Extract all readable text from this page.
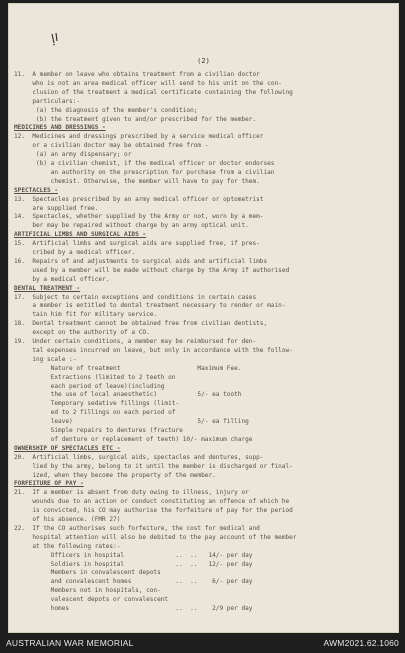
(2)
11.  A member on leave who obtains treatment from a civilian doctor
who is not an area medical officer will send to his unit on the con-
clusion of the treatment a medical certificate containing the following
particulars:-
(a) the diagnosis of the member's condition;
(b) the treatment given to and/or prescribed for the member.
MEDICINES AND DRESSINGS -
12.  Medicines and dressings prescribed by a service medical officer
or a civilian doctor may be obtained free from -
(a) an army dispensary; or
(b) a civilian chemist, if the medical officer or doctor endorses
an authority on the prescription for purchase from a civilian
chemist. Otherwise, the member will have to pay for them.
SPECTACLES -
13.  Spectacles prescribed by an army medical officer or optometrist
are supplied free.
14.  Spectacles, whether supplied by the Army or not, worn by a mem-
ber may be repaired without charge by an army optical unit.
ARTIFICIAL LIMBS AND SURGICAL AIDS -
15.  Artificial limbs and surgical aids are supplied free, if pres-
cribed by a medical officer.
16.  Repairs of and adjustments to surgical aids and artificial limbs
used by a member will be made without charge by the Army if authorised
by a medical officer.
DENTAL TREATMENT -
17.  Subject to certain exceptions and conditions in certain cases
a member is entitled to dental treatment necessary to render or main-
tain him fit for military service.
18.  Dental treatment cannot be obtained free from civilian dentists,
except on the authority of a CO.
19.  Under certain conditions, a member may be reimbursed for den-
tal expenses incurred on leave, but only in accordance with the follow-
ing scale :-
Nature of treatment                     Maximum Fee.
Extractions (limited to 2 teeth on
each period of leave)(including
the use of local anaesthetic)           5/- ea tooth
Temporary sedative fillings (limit-
ed to 2 fillings on each period of
leave)                                  5/- ea filling
Simple repairs to dentures (fracture
of denture or replacement of teeth) 10/- maximum charge
OWNERSHIP OF SPECTACLES ETC -
20.  Artificial limbs, surgical aids, spectacles and dentures, supp-
lied by the army, belong to it until the member is discharged or final-
ized, when they become the property of the member.
FORFEITURE OF PAY -
21.  If a member is absent from duty owing to illness, injury or
wounds due to an action or conduct constituting an offence of which he
is convicted, his CO may authorise the forfeiture of pay for the period
of his absence. (FMR 27)
22.  If the CO authorises such forfeiture, the cost for medical and
hospital attention will also be debited to the pay account of the member
at the following rates:-
Officers in hospital              ..  ..   14/- per day
Soldiers in hospital              ..  ..   12/- per day
Members in convalescent depots
and convalescent homes            ..  ..    6/- per day
Members not in hospitals, con-
valescent depots or convalescent
homes                             ..  ..    2/9 per day
AUSTRALIAN WAR MEMORIAL	AWM2021.62.1060
